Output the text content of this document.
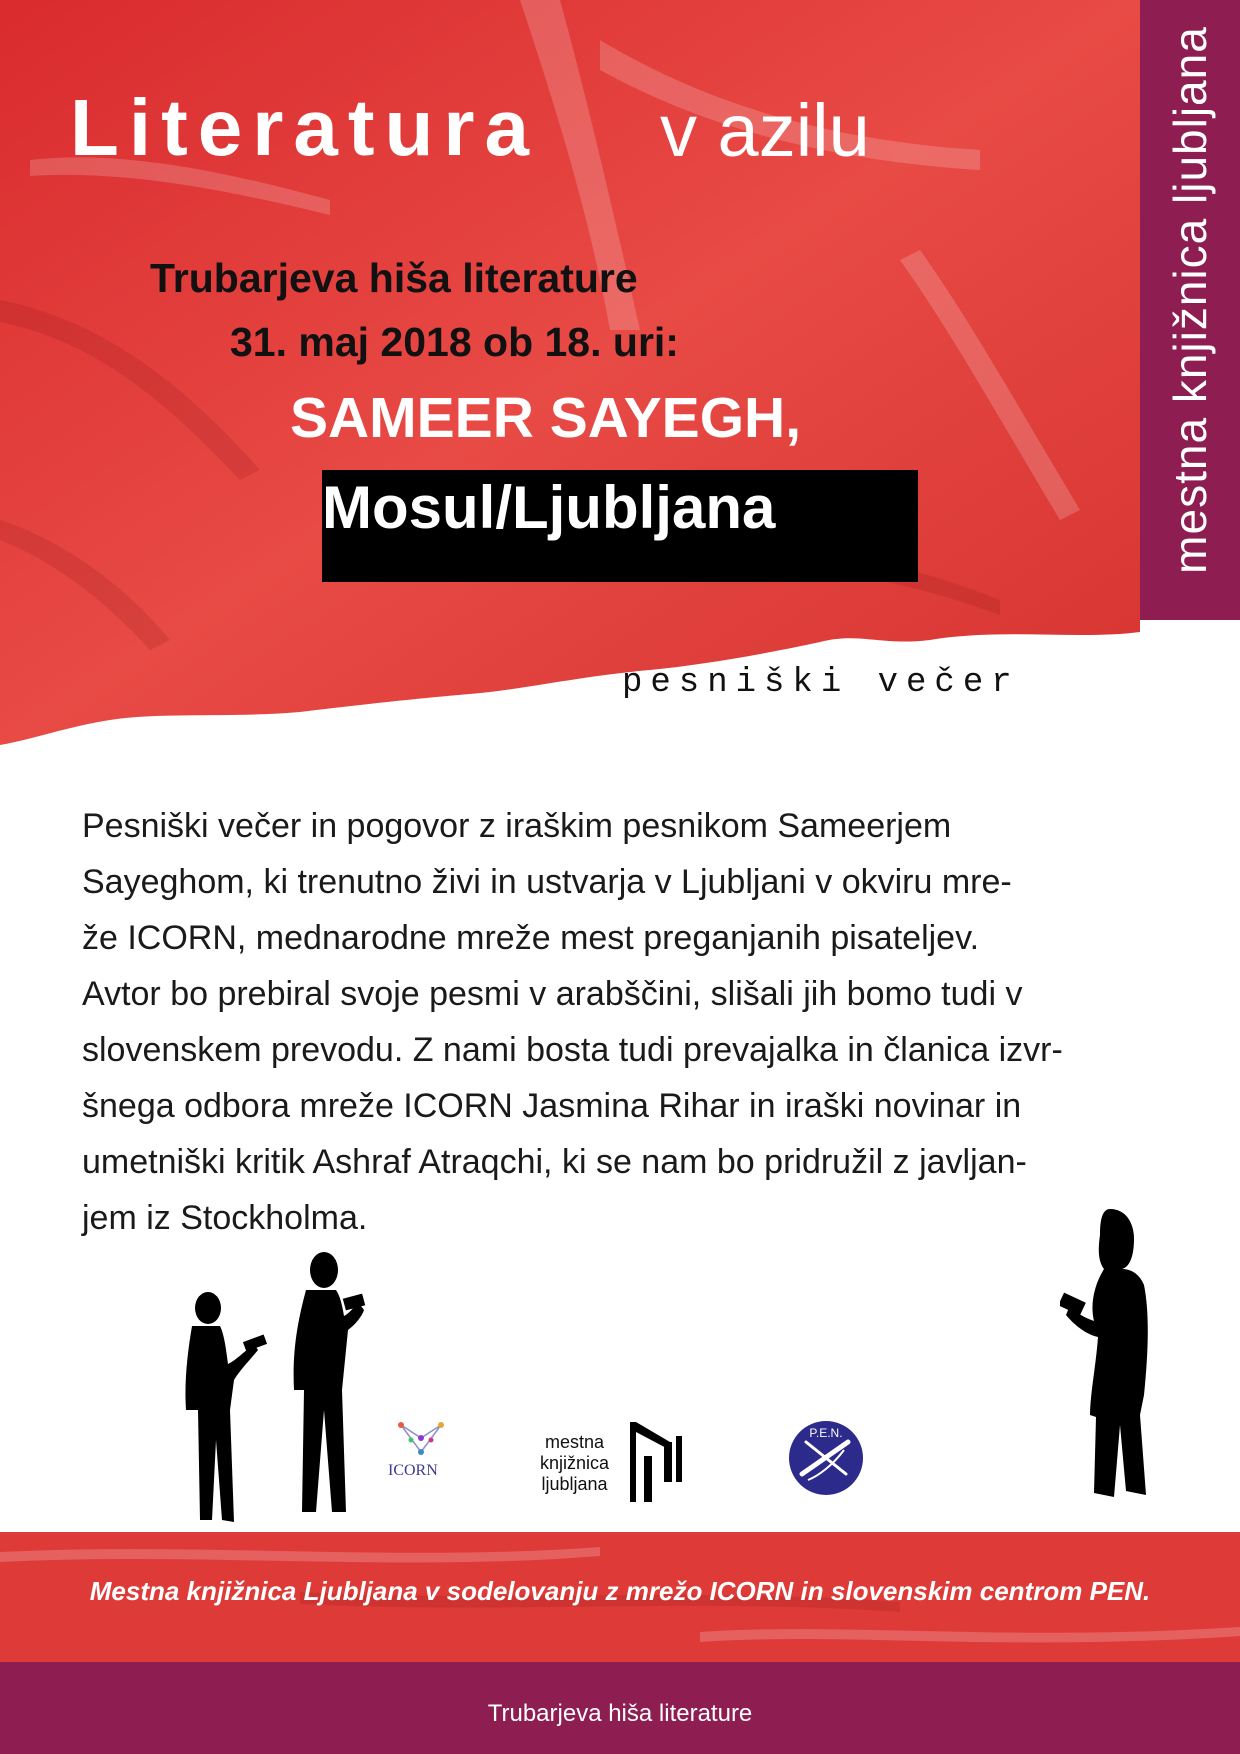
mestna knjižnica ljubljana
Literatura v azilu
Trubarjeva hiša literature
31. maj 2018 ob 18. uri:
SAMEER SAYEGH,
Mosul/Ljubljana
pesniški večer

Pesniški večer in pogovor z iraškim pesnikom Sameerjem

Sayeghom, ki trenutno živi in ustvarja v Ljubljani v okviru mre-

že ICORN, mednarodne mreže mest preganjanih pisateljev.

Avtor bo prebiral svoje pesmi v arabščini, slišali jih bomo tudi v

slovenskem prevodu. Z nami bosta tudi prevajalka in članica izvr-

šnega odbora mreže ICORN Jasmina Rihar in iraški novinar in

umetniški kritik Ashraf Atraqchi, ki se nam bo pridružil z javljan-

jem iz Stockholma.

ICORN
mestna
knjižnica
ljubljana
P.E.N.
Mestna knjižnica Ljubljana v sodelovanju z mrežo ICORN in slovenskim centrom PEN.
Trubarjeva hiša literature
